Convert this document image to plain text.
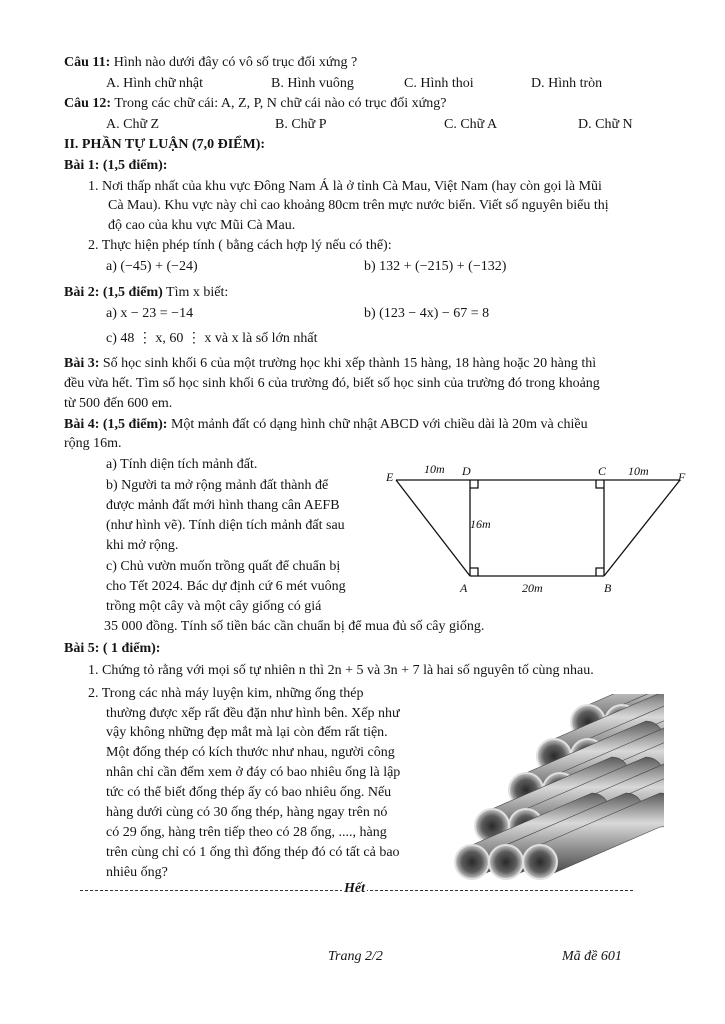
Câu 11: Hình nào dưới đây có vô số trục đối xứng ?
A. Hình chữ nhật	B. Hình vuông	C. Hình thoi	D. Hình tròn
Câu 12: Trong các chữ cái: A, Z, P, N chữ cái nào có trục đối xứng?
A. Chữ Z	B. Chữ P	C. Chữ A	D. Chữ N
II. PHẦN TỰ LUẬN (7,0 ĐIỂM):
Bài 1: (1,5 điểm):
1. Nơi thấp nhất của khu vực Đông Nam Á là ở tỉnh Cà Mau, Việt Nam (hay còn gọi là Mũi
Cà Mau). Khu vực này chỉ cao khoảng 80cm trên mực nước biển. Viết số nguyên biểu thị
độ cao của khu vực Mũi Cà Mau.
2. Thực hiện phép tính ( bằng cách hợp lý nếu có thể):
a) (−45) + (−24)	b) 132 + (−215) + (−132)
Bài 2: (1,5 điểm) Tìm x biết:
a) x − 23 = −14	b) (123 − 4x) − 67 = 8
c) 48 ⋮ x, 60 ⋮ x và x là số lớn nhất
Bài 3: Số học sinh khối 6 của một trường học khi xếp thành 15 hàng, 18 hàng hoặc 20 hàng thì
đều vừa hết. Tìm số học sinh khối 6 của trường đó, biết số học sinh của trường đó trong khoảng
từ 500 đến 600 em.
Bài 4: (1,5 điểm): Một mảnh đất có dạng hình chữ nhật ABCD với chiều dài là 20m và chiều
rộng 16m.
a) Tính diện tích mảnh đất.
b) Người ta mở rộng mảnh đất thành để
được mảnh đất mới hình thang cân AEFB
(như hình vẽ). Tính diện tích mảnh đất sau
khi mở rộng.
c) Chủ vườn muốn trồng quất để chuẩn bị
cho Tết 2024. Bác dự định cứ 6 mét vuông
trồng một cây và một cây giống có giá
35 000 đồng. Tính số tiền bác cần chuẩn bị để mua đủ số cây giống.
E	D	C	F
A	B
10m	10m
16m
20m
Bài 5: ( 1 điểm):
1. Chứng tỏ rằng với mọi số tự nhiên n thì 2n + 5 và 3n + 7 là hai số nguyên tố cùng nhau.
2. Trong các nhà máy luyện kim, những ống thép
thường được xếp rất đều đặn như hình bên. Xếp như
vậy không những đẹp mắt mà lại còn đếm rất tiện.
Một đống thép có kích thước như nhau, người công
nhân chỉ cần đếm xem ở đáy có bao nhiêu ống là lập
tức có thể biết đống thép ấy có bao nhiêu ống. Nếu
hàng dưới cùng có 30 ống thép, hàng ngay trên nó
có 29 ống, hàng trên tiếp theo có 28 ống, ...., hàng
trên cùng chỉ có 1 ống thì đống thép đó có tất cả bao
nhiêu ống?
Hết
Trang 2/2	Mã đề 601
